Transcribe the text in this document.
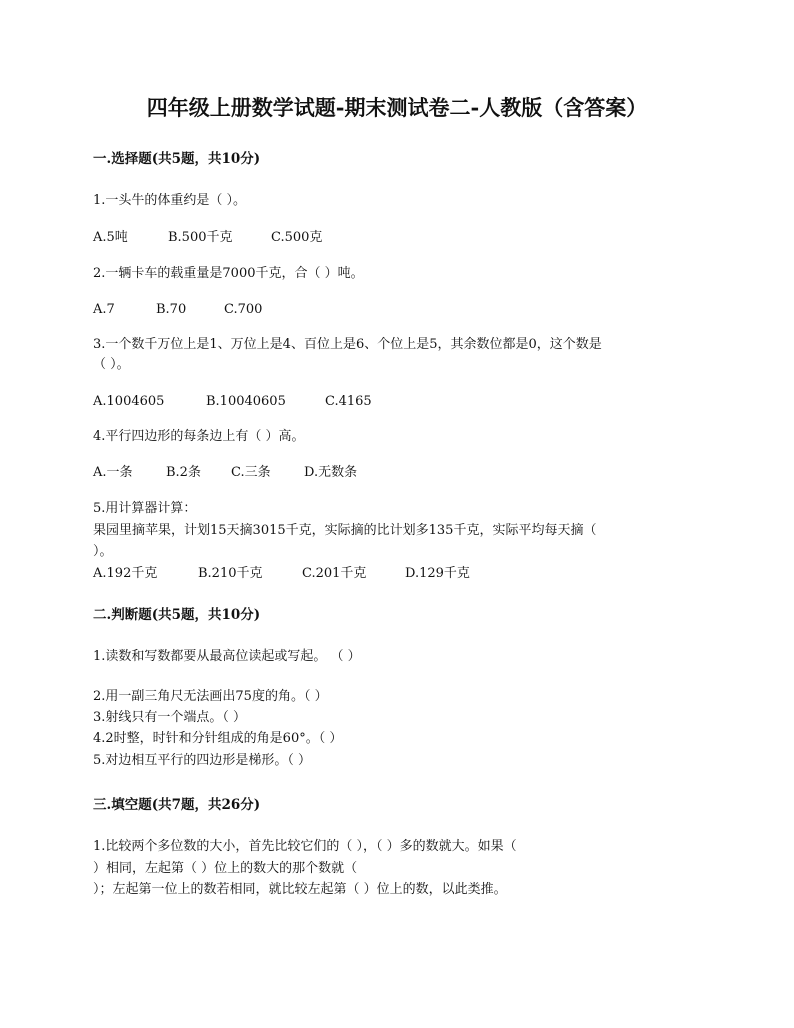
四年级上册数学试题-期末测试卷二-人教版（含答案）
一.选择题(共5题，共10分)
1.一头牛的体重约是（ ）。
A.5吨	B.500千克	C.500克
2.一辆卡车的载重量是7000千克，合（ ）吨。
A.7	B.70	C.700
3.一个数千万位上是1、万位上是4、百位上是6、个位上是5，其余数位都是0，这个数是
（ ）。
A.1004605	B.10040605	C.4165
4.平行四边形的每条边上有（ ）高。
A.一条	B.2条 C.三条	D.无数条
5.用计算器计算：
果园里摘苹果，计划15天摘3015千克，实际摘的比计划多135千克，实际平均每天摘（
）。
A.192千克	B.210千克	C.201千克	D.129千克
二.判断题(共5题，共10分)
1.读数和写数都要从最高位读起或写起。 （ ）
2.用一副三角尺无法画出75度的角。（ ）
3.射线只有一个端点。（ ）
4.2时整，时针和分针组成的角是60°。（ ）
5.对边相互平行的四边形是梯形。（ ）
三.填空题(共7题，共26分)
1.比较两个多位数的大小，首先比较它们的（ ），（ ）多的数就大。如果（
）相同，左起第（ ）位上的数大的那个数就（
）；左起第一位上的数若相同，就比较左起第（ ）位上的数，以此类推。
